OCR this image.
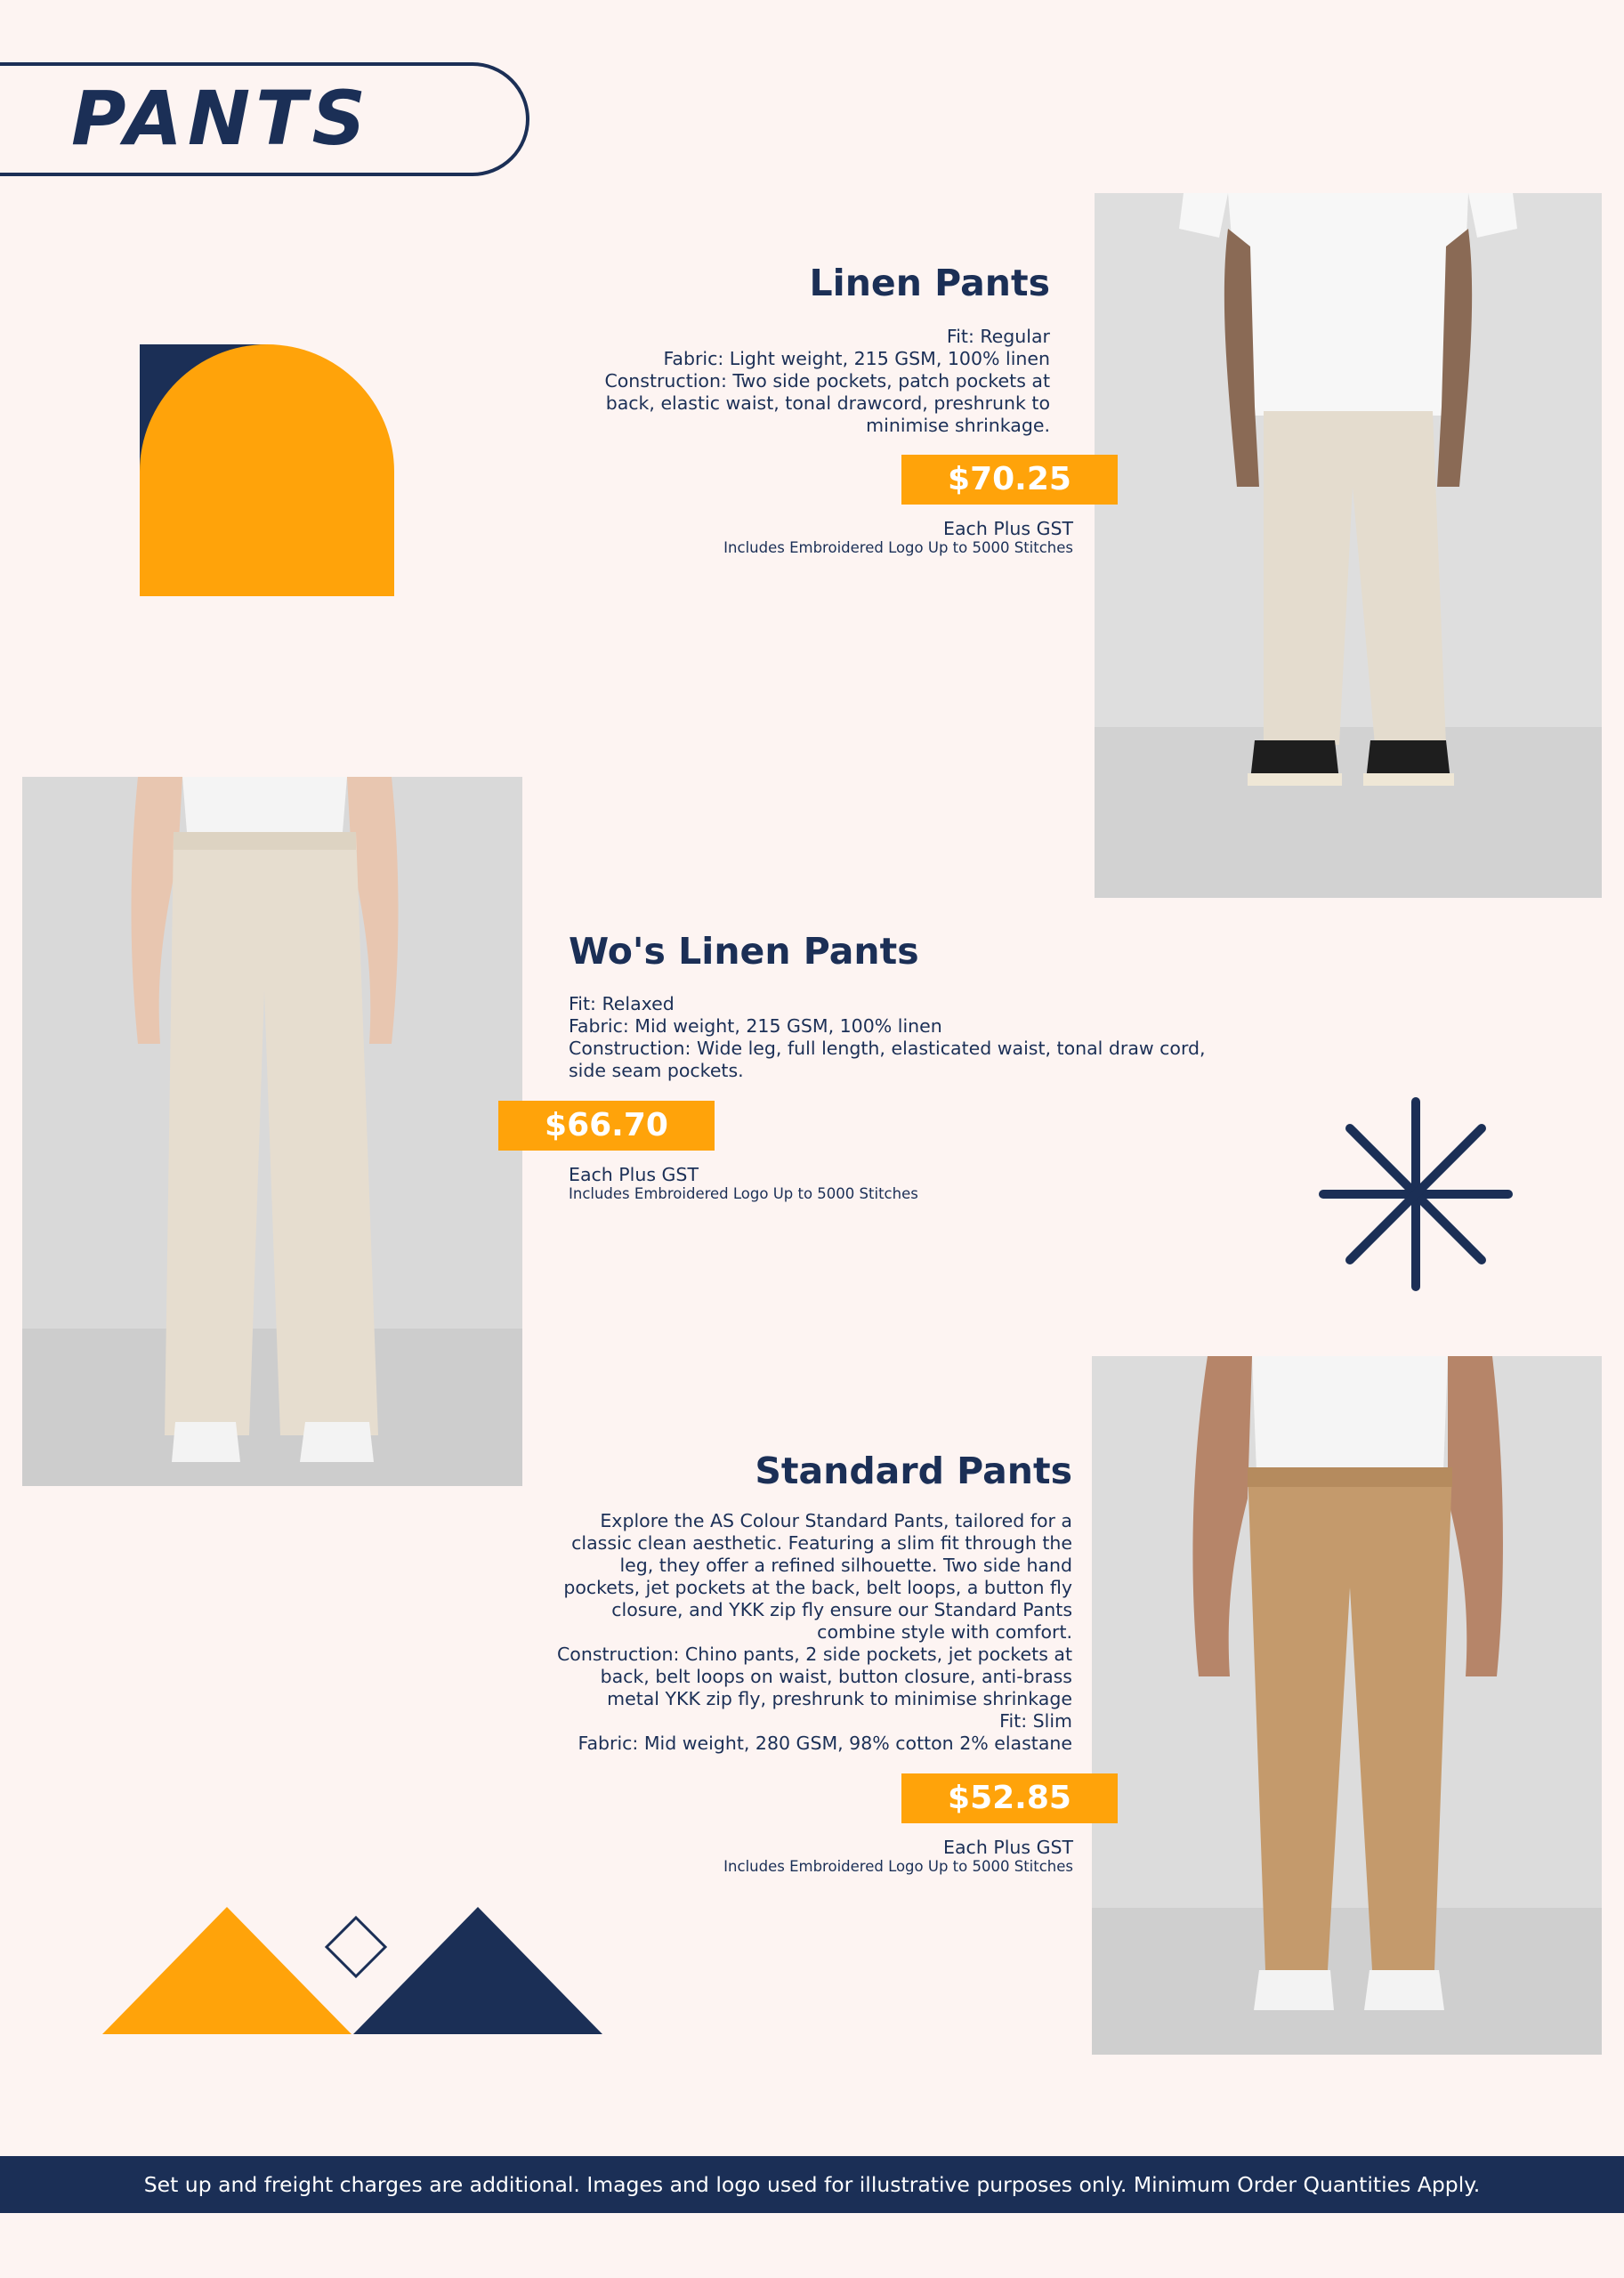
PANTS
Linen Pants
Fit: Regular
Fabric: Light weight, 215 GSM, 100% linen
Construction: Two side pockets, patch pockets at
back, elastic waist, tonal drawcord, preshrunk to
minimise shrinkage.
$70.25
Each Plus GST
Includes Embroidered Logo Up to 5000 Stitches
Wo's Linen Pants
Fit: Relaxed
Fabric: Mid weight, 215 GSM, 100% linen
Construction: Wide leg, full length, elasticated waist, tonal draw cord,
side seam pockets.
$66.70
Each Plus GST
Includes Embroidered Logo Up to 5000 Stitches
Standard Pants
Explore the AS Colour Standard Pants, tailored for a
classic clean aesthetic. Featuring a slim fit through the
leg, they offer a refined silhouette. Two side hand
pockets, jet pockets at the back, belt loops, a button fly
closure, and YKK zip fly ensure our Standard Pants
combine style with comfort.
Construction: Chino pants, 2 side pockets, jet pockets at
back, belt loops on waist, button closure, anti-brass
metal YKK zip fly, preshrunk to minimise shrinkage
Fit: Slim
Fabric: Mid weight, 280 GSM, 98% cotton 2% elastane
$52.85
Each Plus GST
Includes Embroidered Logo Up to 5000 Stitches
Set up and freight charges are additional. Images and logo used for illustrative purposes only. Minimum Order Quantities Apply.
